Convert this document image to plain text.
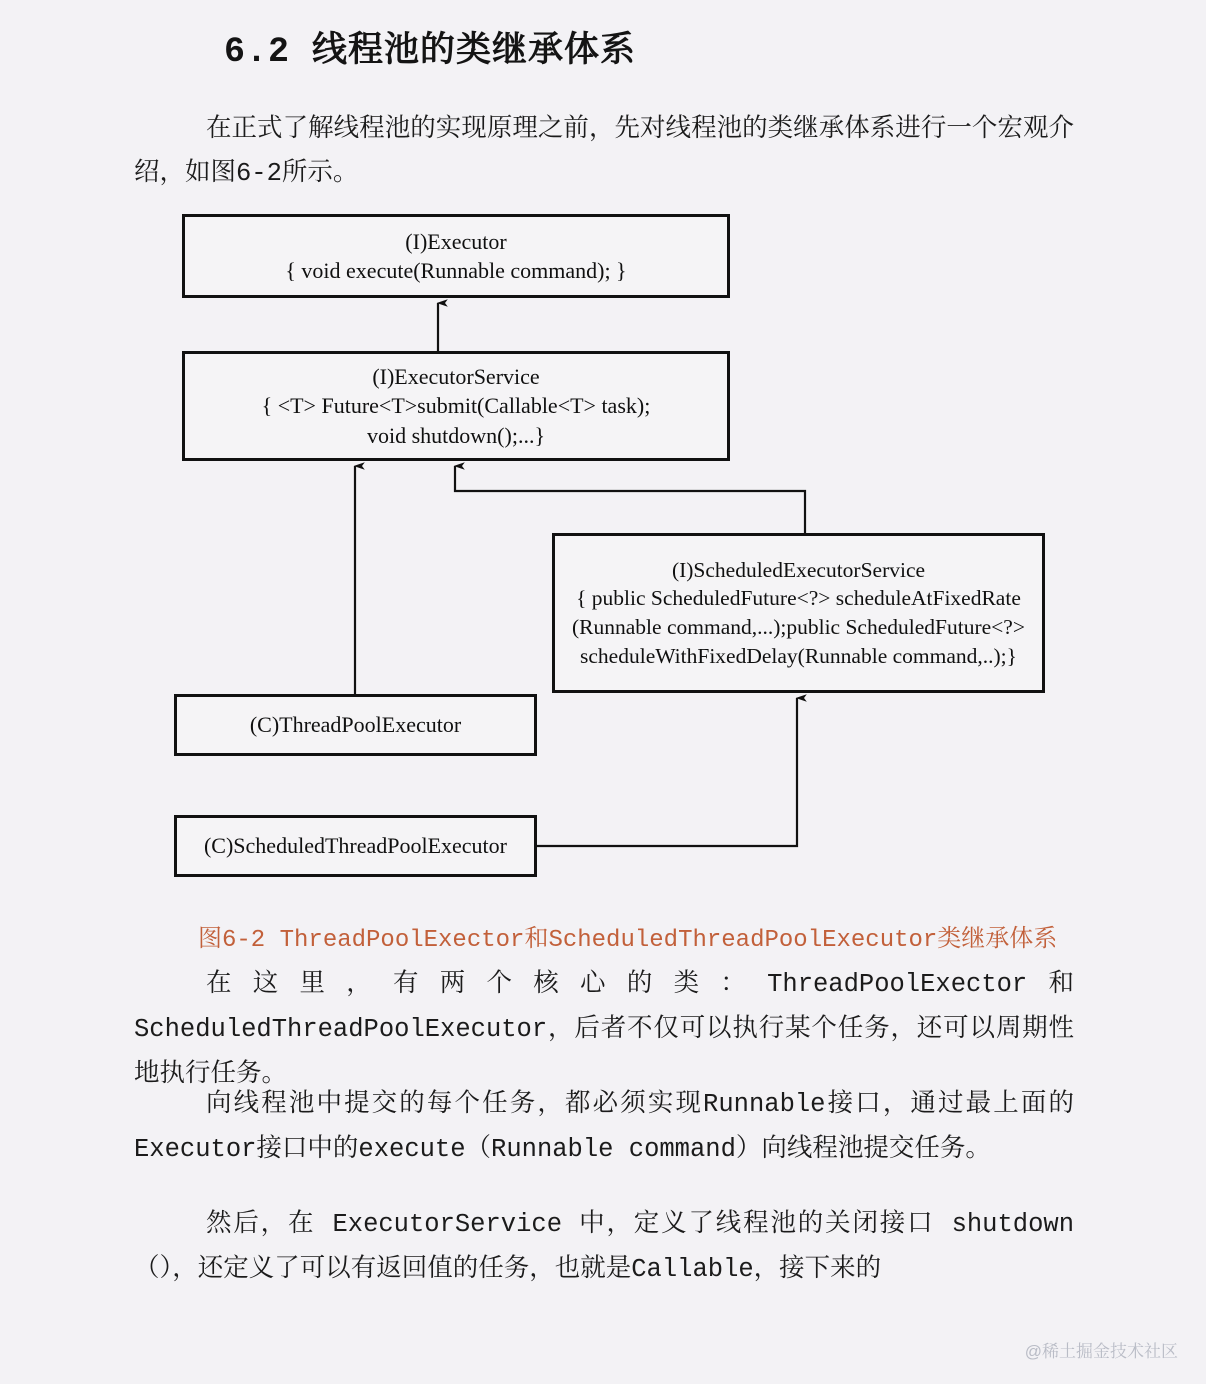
6.2 线程池的类继承体系
在正式了解线程池的实现原理之前，先对线程池的类继承体系进行一个宏观介绍，如图6-2所示。
(I)Executor
{ void execute(Runnable command); }
(I)ExecutorService
{ <T> Future<T>submit(Callable<T> task);
void shutdown();...}
(I)ScheduledExecutorService
{ public ScheduledFuture<?> scheduleAtFixedRate
(Runnable command,...);public ScheduledFuture<?>
scheduleWithFixedDelay(Runnable command,..);}
(C)ThreadPoolExecutor
(C)ScheduledThreadPoolExecutor
图6-2 ThreadPoolExector和ScheduledThreadPoolExecutor类继承体系
在这里，有两个核心的类：ThreadPoolExector和ScheduledThreadPoolExecutor，后者不仅可以执行某个任务，还可以周期性地执行任务。
向线程池中提交的每个任务，都必须实现Runnable接口，通过最上面的Executor接口中的execute（Runnable command）向线程池提交任务。
然后，在 ExecutorService 中，定义了线程池的关闭接口 shutdown（），还定义了可以有返回值的任务，也就是Callable，接下来的
@稀土掘金技术社区
